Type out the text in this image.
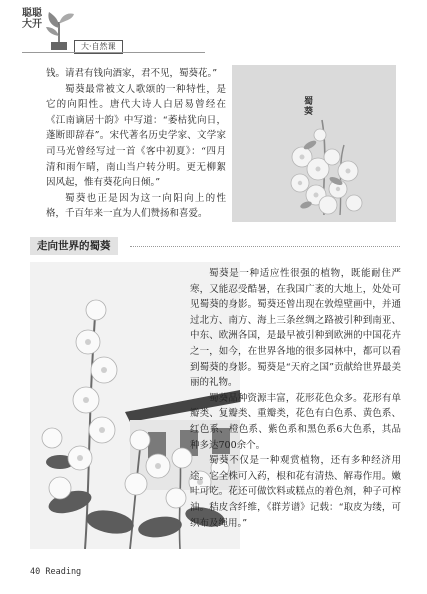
聪聪大开
大·自然课

钱。请君有钱向酒家，君不见，蜀葵花。”

蜀葵最常被文人歌颂的一种特性，是它的向阳性。唐代大诗人白居易曾经在《江南谪居十韵》中写道：“萎枯犹向日，蓬断即辞春”。宋代著名历史学家、文学家司马光曾经写过一首《客中初夏》：“四月清和雨乍晴，南山当户转分明。更无柳絮因风起，惟有葵花向日倾。”

蜀葵也正是因为这一向阳向上的性格，千百年来一直为人们赞扬和喜爱。

蜀葵
走向世界的蜀葵

蜀葵是一种适应性很强的植物，既能耐住严寒，又能忍受酷暑，在我国广袤的大地上，处处可见蜀葵的身影。蜀葵还曾出现在敦煌壁画中，并通过北方、南方、海上三条丝绸之路被引种到南亚、中东、欧洲各国，是最早被引种到欧洲的中国花卉之一，如今，在世界各地的很多园林中，都可以看到蜀葵的身影。蜀葵是“天府之国”贡献给世界最美丽的礼物。

蜀葵品种资源丰富，花形花色众多。花形有单瓣类、复瓣类、重瓣类，花色有白色系、黄色系、红色系、橙色系、紫色系和黑色系6大色系，其品种多达700余个。

蜀葵不仅是一种观赏植物，还有多种经济用途。它全株可入药，根和花有清热、解毒作用。嫩叶可吃。花还可做饮料或糕点的着色剂，种子可榨油。秸皮含纤维，《群芳谱》记载：“取皮为缕，可织布及绳用。”

40 Reading
